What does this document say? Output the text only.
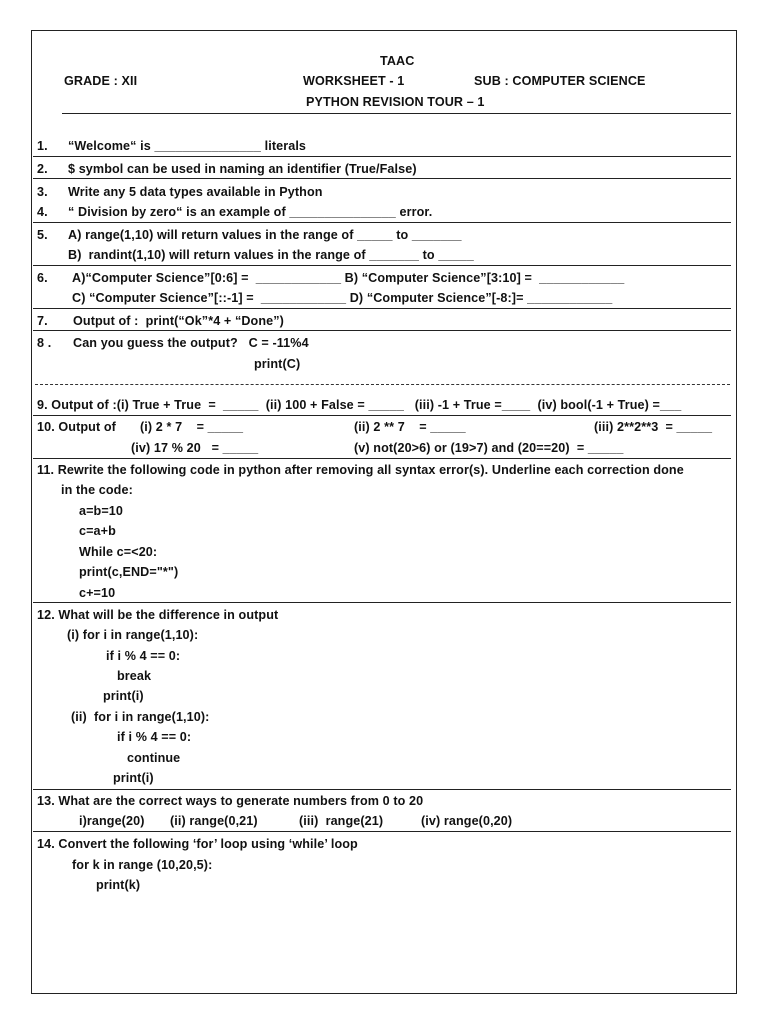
TAAC
GRADE : XII	WORKSHEET - 1	SUB : COMPUTER SCIENCE
PYTHON REVISION TOUR – 1
1. “Welcome“ is _______________ literals
2. $ symbol can be used in naming an identifier (True/False)
3. Write any 5 data types available in Python
4. “ Division by zero“ is an example of _______________ error.
5. A) range(1,10) will return values in the range of _____ to _______
B)  randint(1,10) will return values in the range of _______ to _____
6. A)“Computer Science”[0:6] =  ____________ B) “Computer Science”[3:10] =  ____________
C) “Computer Science”[::-1] =  ____________ D) “Computer Science”[-8:]= ____________
7. Output of :  print(“Ok”*4 + “Done”)
8 . Can you guess the output?   C = -11%4
print(C)
9. Output of :(i) True + True  =  _____  (ii) 100 + False = _____   (iii) -1 + True =____  (iv) bool(-1 + True) =___
10. Output of (i) 2 * 7    = _____	(ii) 2 ** 7    = _____	(iii) 2**2**3  = _____
(iv) 17 % 20   = _____	(v) not(20>6) or (19>7) and (20==20)  = _____
11. Rewrite the following code in python after removing all syntax error(s). Underline each correction done
in the code:
a=b=10
c=a+b
While c=<20:
print(c,END="*")
c+=10
12. What will be the difference in output
(i) for i in range(1,10):
if i % 4 == 0:
break
print(i)
(ii)  for i in range(1,10):
if i % 4 == 0:
continue
print(i)
13. What are the correct ways to generate numbers from 0 to 20
i)range(20) (ii) range(0,21)	(iii)  range(21)	(iv) range(0,20)
14. Convert the following ‘for’ loop using ‘while’ loop
for k in range (10,20,5):
print(k)
